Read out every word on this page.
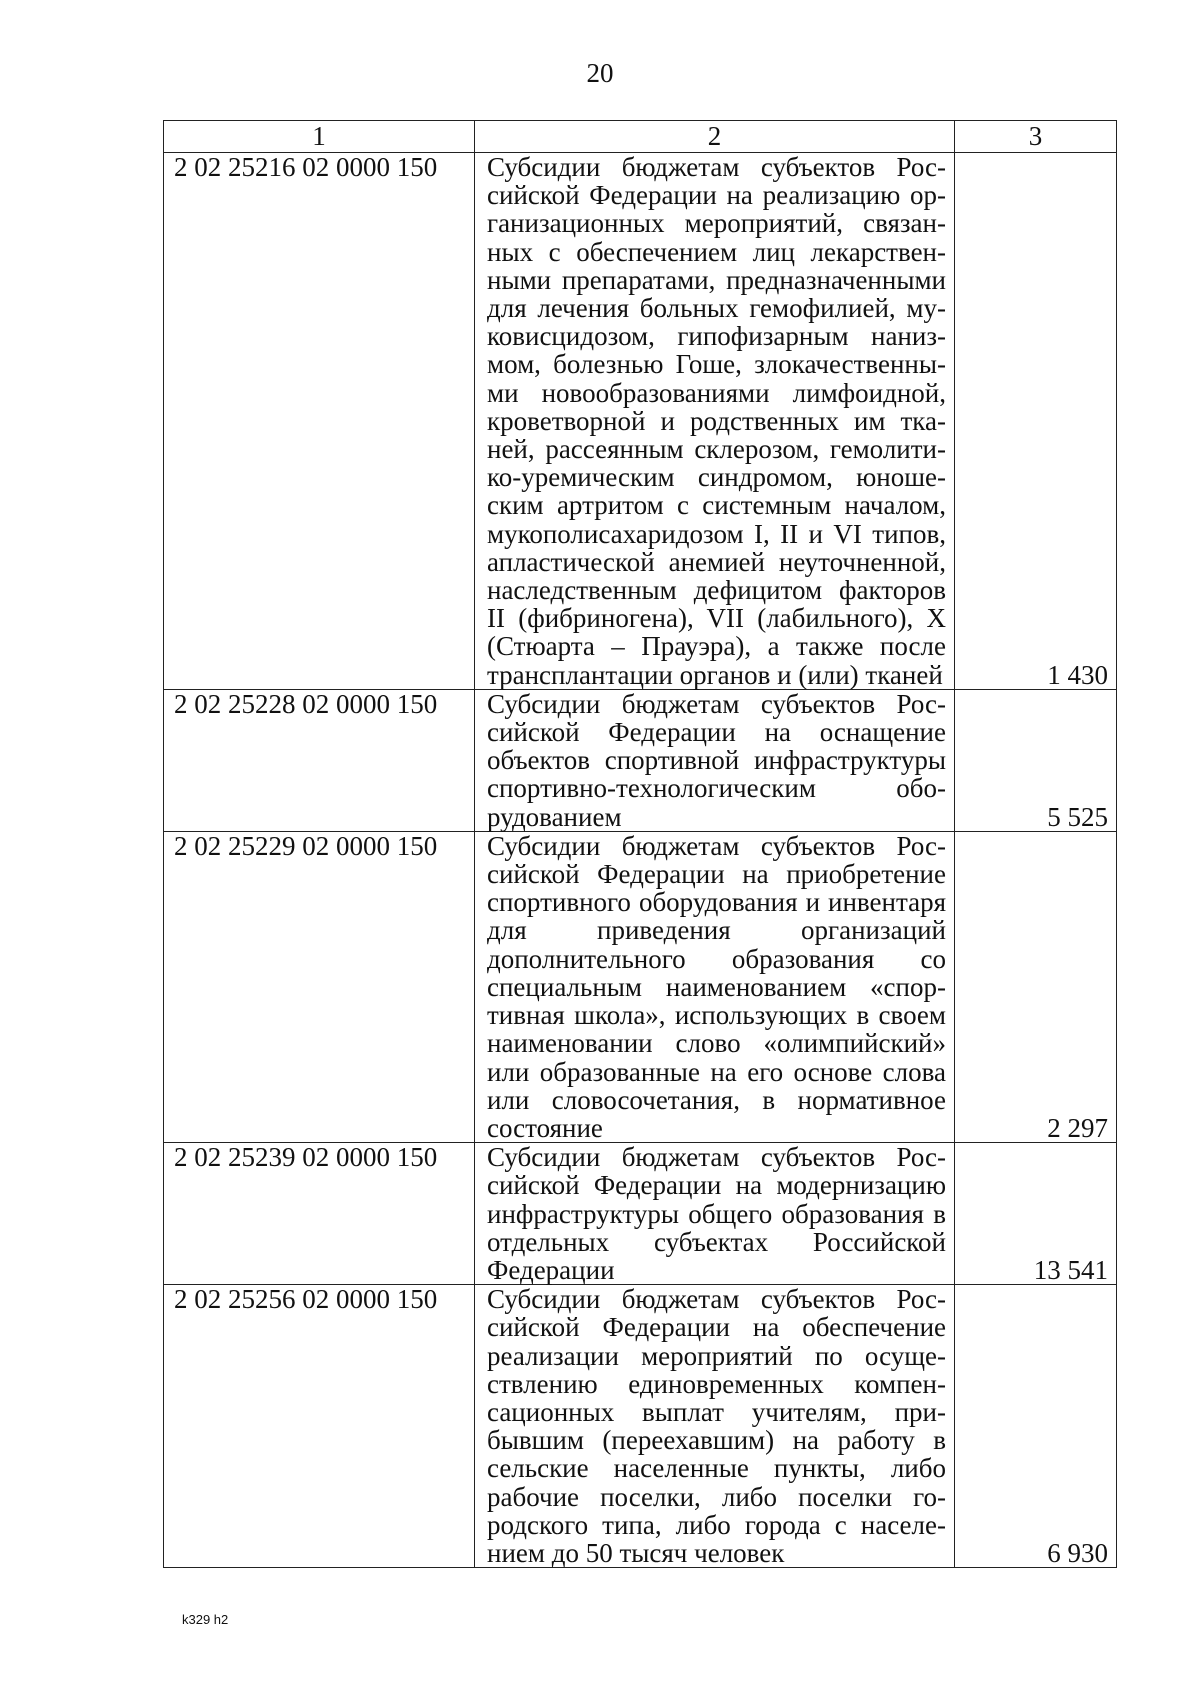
20
1	2	3
2 02 25216 02 0000 150	Субсидии бюджетам субъектов Российской Федерации на реализацию организационных мероприятий, связанных с обеспечением лиц лекарственными препаратами, предназначенными для лечения больных гемофилией, муковисцидозом, гипофизарным нанизмом, болезнью Гоше, злокачественными новообразованиями лимфоидной, кроветворной и родственных им тканей, рассеянным склерозом, гемолитико-уремическим синдромом, юношеским артритом с системным началом, мукополисахаридозом I, II и VI типов, апластической анемией неуточненной, наследственным дефицитом факторов II (фибриногена), VII (лабильного), X (Стюарта – Прауэра), а также после трансплантации органов и (или) тканей	1 430
2 02 25228 02 0000 150	Субсидии бюджетам субъектов Российской Федерации на оснащение объектов спортивной инфраструктуры спортивно-технологическим оборудованием	5 525
2 02 25229 02 0000 150	Субсидии бюджетам субъектов Российской Федерации на приобретение спортивного оборудования и инвентаря для приведения организаций дополнительного образования со специальным наименованием «спортивная школа», использующих в своем наименовании слово «олимпийский» или образованные на его основе слова или словосочетания, в нормативное состояние	2 297
2 02 25239 02 0000 150	Субсидии бюджетам субъектов Российской Федерации на модернизацию инфраструктуры общего образования в отдельных субъектах Российской Федерации	13 541
2 02 25256 02 0000 150	Субсидии бюджетам субъектов Российской Федерации на обеспечение реализации мероприятий по осуществлению единовременных компенсационных выплат учителям, прибывшим (переехавшим) на работу в сельские населенные пункты, либо рабочие поселки, либо поселки городского типа, либо города с населением до 50 тысяч человек	6 930
k329 h2
